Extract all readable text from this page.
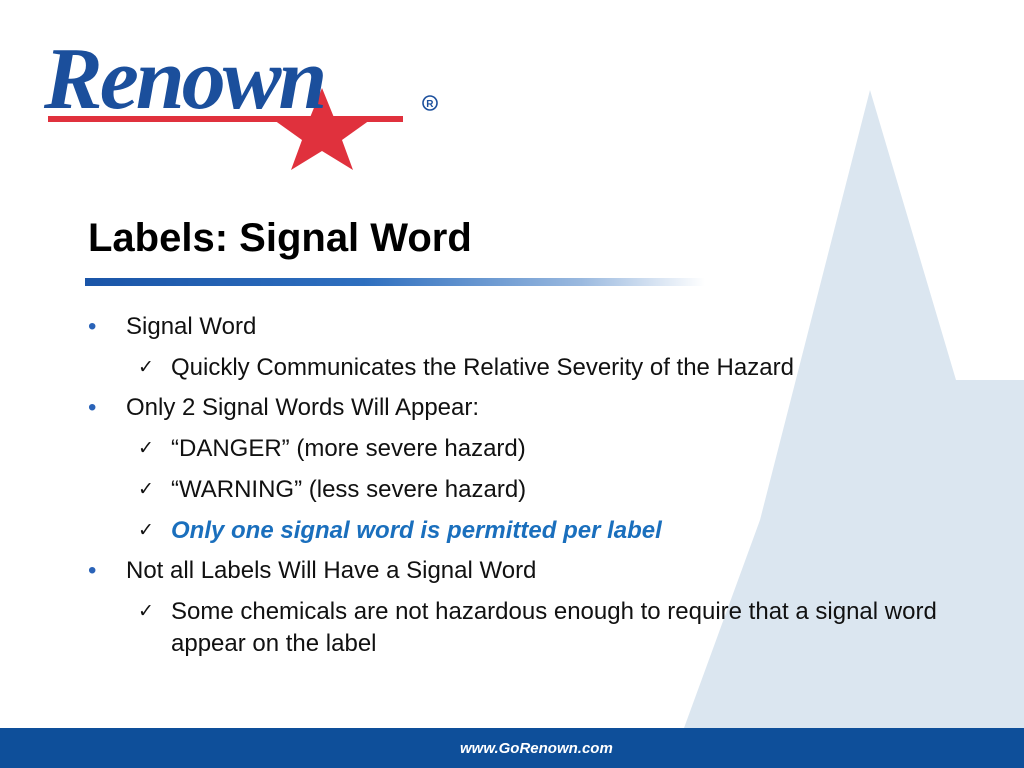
Renown	R
Labels: Signal Word
• Signal Word
✓ Quickly Communicates the Relative Severity of the Hazard
• Only 2 Signal Words Will Appear:
✓ “DANGER” (more severe hazard)
✓ “WARNING” (less severe hazard)
✓ Only one signal word is permitted per label
• Not all Labels Will Have a Signal Word
✓ Some chemicals are not hazardous enough to require that a signal word appear on the label
www.GoRenown.com
